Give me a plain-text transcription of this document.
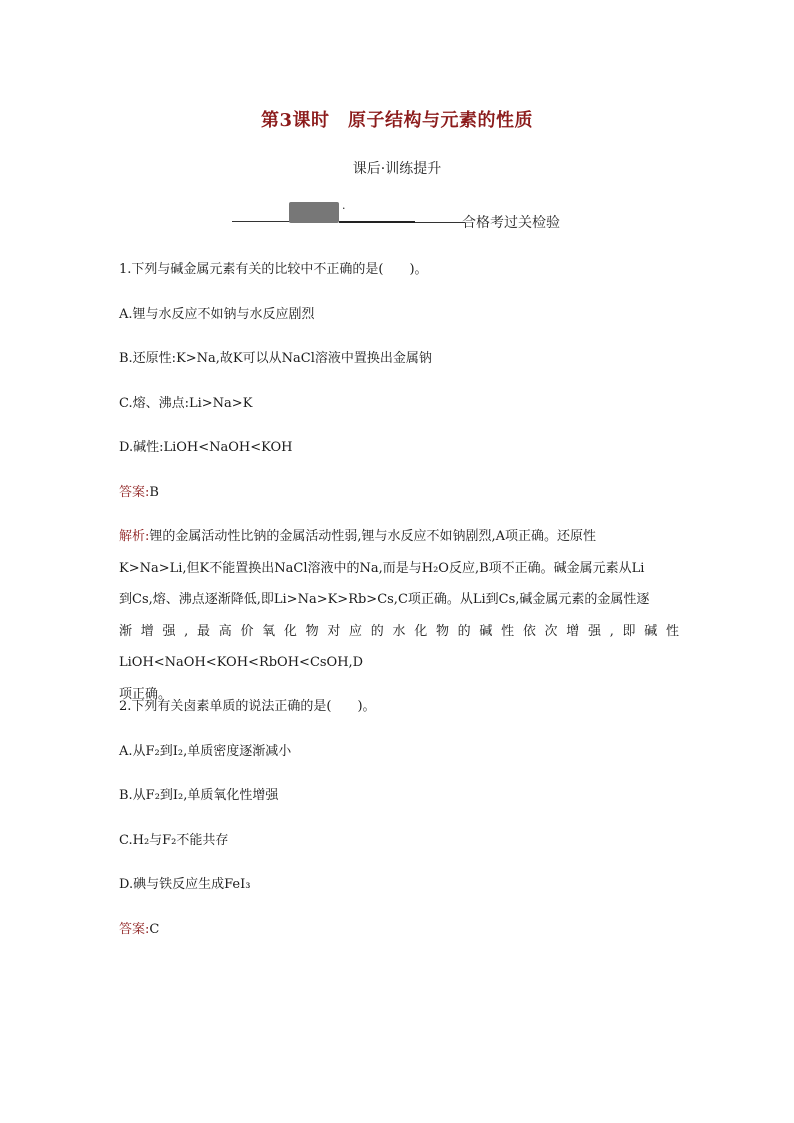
第3课时　原子结构与元素的性质
课后·训练提升
·
合格考过关检验
1.下列与碱金属元素有关的比较中不正确的是(　　)。
A.锂与水反应不如钠与水反应剧烈
B.还原性:K>Na,故K可以从NaCl溶液中置换出金属钠
C.熔、沸点:Li>Na>K
D.碱性:LiOH<NaOH<KOH
答案:B

解析:锂的金属活动性比钠的金属活动性弱,锂与水反应不如钠剧烈,A项正确。还原性

K>Na>Li,但K不能置换出NaCl溶液中的Na,而是与H₂O反应,B项不正确。碱金属元素从Li

到Cs,熔、沸点逐渐降低,即Li>Na>K>Rb>Cs,C项正确。从Li到Cs,碱金属元素的金属性逐

渐增强,最高价氧化物对应的水化物的碱性依次增强,即碱性LiOH<NaOH<KOH<RbOH<CsOH,D

项正确。

2.下列有关卤素单质的说法正确的是(　　)。
A.从F₂到I₂,单质密度逐渐减小
B.从F₂到I₂,单质氧化性增强
C.H₂与F₂不能共存
D.碘与铁反应生成FeI₃
答案:C
